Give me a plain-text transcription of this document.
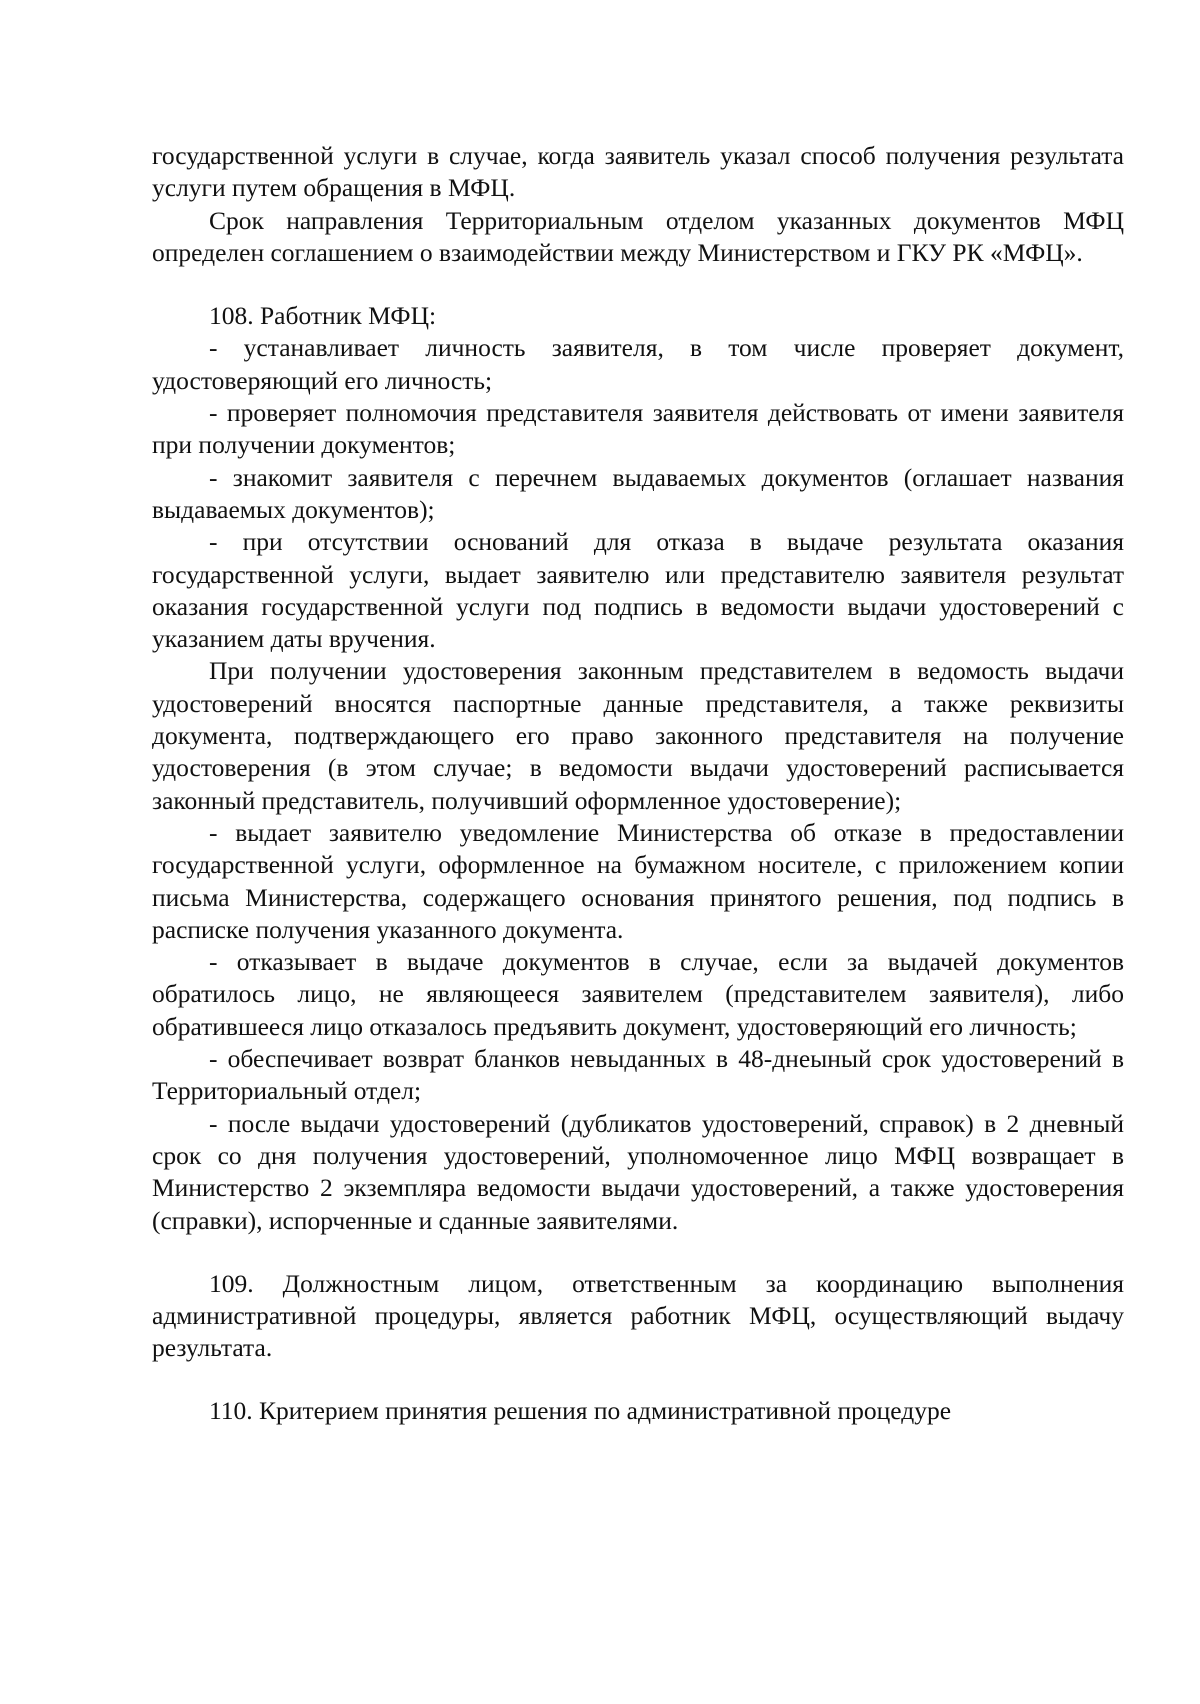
государственной услуги в случае, когда заявитель указал способ получения результата услуги путем обращения в МФЦ.

Срок направления Территориальным отделом указанных документов МФЦ определен соглашением о взаимодействии между Министерством и ГКУ РК «МФЦ».

108. Работник МФЦ:

- устанавливает личность заявителя, в том числе проверяет документ, удостоверяющий его личность;

- проверяет полномочия представителя заявителя действовать от имени заявителя при получении документов;

- знакомит заявителя с перечнем выдаваемых документов (оглашает названия выдаваемых документов);

- при отсутствии оснований для отказа в выдаче результата оказания государственной услуги, выдает заявителю или представителю заявителя результат оказания государственной услуги под подпись в ведомости выдачи удостоверений с указанием даты вручения.

При получении удостоверения законным представителем в ведомость выдачи удостоверений вносятся паспортные данные представителя, а также реквизиты документа, подтверждающего его право законного представителя на получение удостоверения (в этом случае; в ведомости выдачи удостоверений расписывается законный представитель, получивший оформленное удостоверение);

- выдает заявителю уведомление Министерства об отказе в предоставлении государственной услуги, оформленное на бумажном носителе, с приложением копии письма Министерства, содержащего основания принятого решения, под подпись в расписке получения указанного документа.

- отказывает в выдаче документов в случае, если за выдачей документов обратилось лицо, не являющееся заявителем (представителем заявителя), либо обратившееся лицо отказалось предъявить документ, удостоверяющий его личность;

- обеспечивает возврат бланков невыданных в 48-днеыный срок удостоверений в Территориальный отдел;

- после выдачи удостоверений (дубликатов удостоверений, справок) в 2 дневный срок со дня получения удостоверений, уполномоченное лицо МФЦ возвращает в Министерство 2 экземпляра ведомости выдачи удостоверений, а также удостоверения (справки), испорченные и сданные заявителями.

109. Должностным лицом, ответственным за координацию выполнения административной процедуры, является работник МФЦ, осуществляющий выдачу результата.

110. Критерием принятия решения по административной процедуре
